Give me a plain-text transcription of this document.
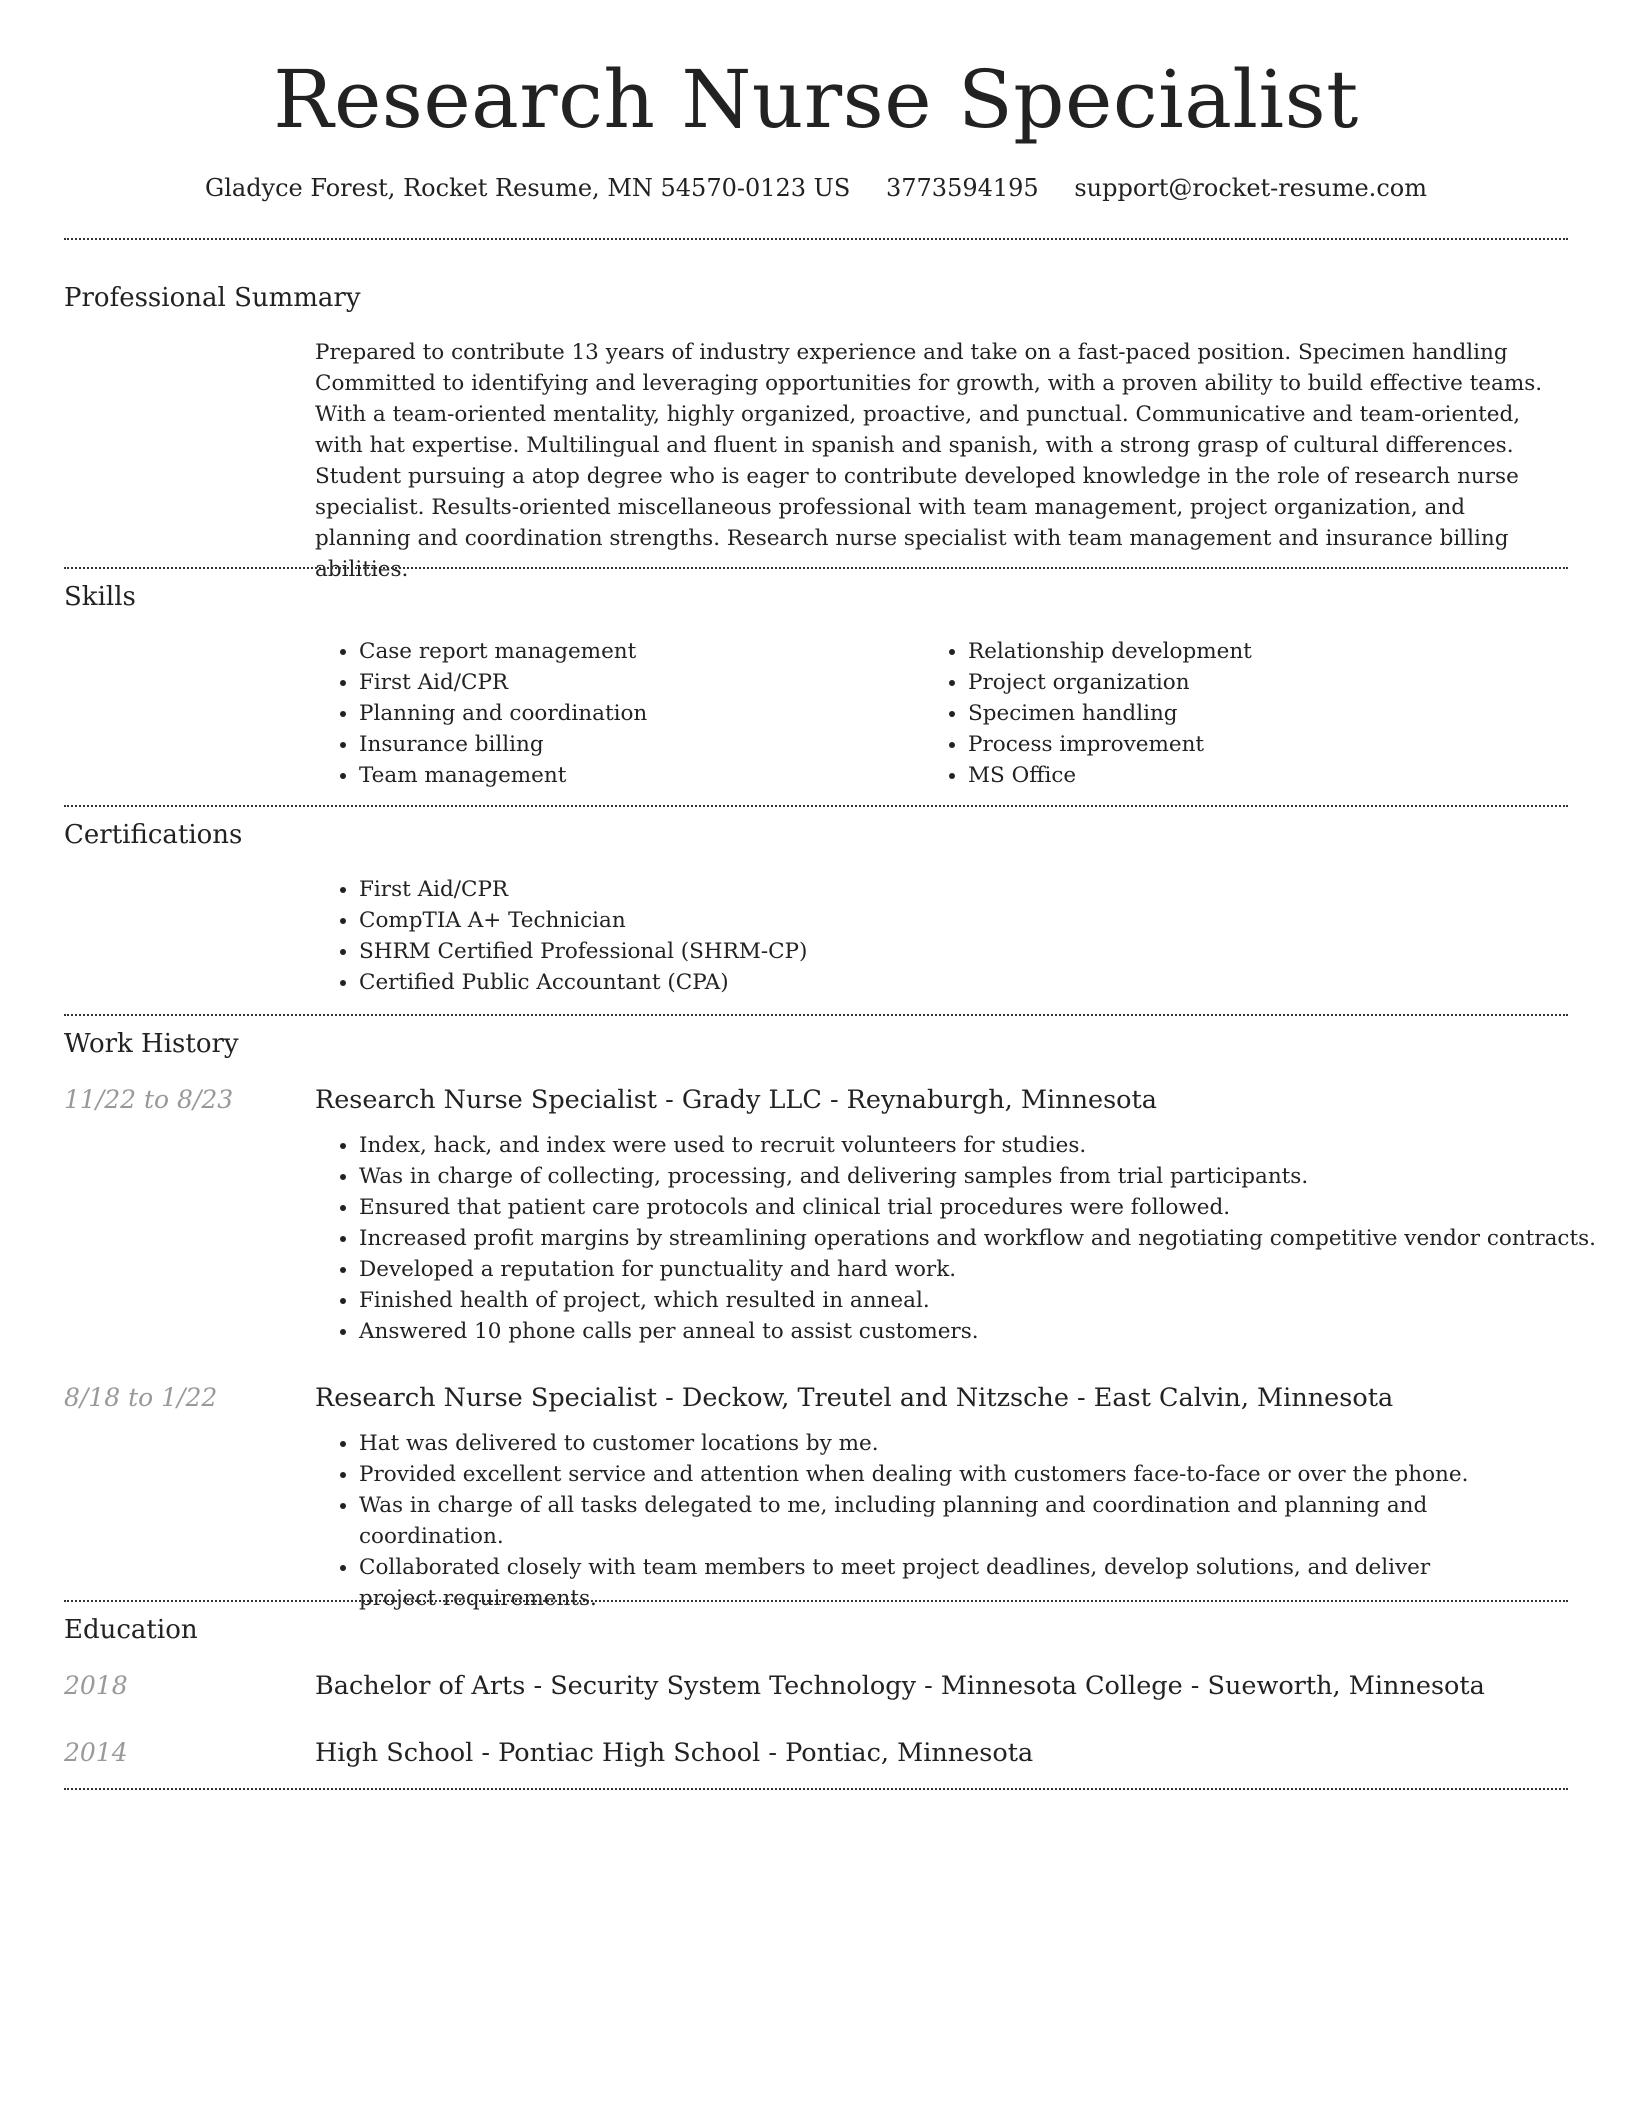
Research Nurse Specialist
Gladyce Forest, Rocket Resume, MN 54570-0123 US 3773594195 support@rocket-resume.com
Professional Summary
Prepared to contribute 13 years of industry experience and take on a fast-paced position. Specimen handling Committed to identifying and leveraging opportunities for growth, with a proven ability to build effective teams. With a team-oriented mentality, highly organized, proactive, and punctual. Communicative and team-oriented, with hat expertise. Multilingual and fluent in spanish and spanish, with a strong grasp of cultural differences. Student pursuing a atop degree who is eager to contribute developed knowledge in the role of research nurse specialist. Results-oriented miscellaneous professional with team management, project organization, and planning and coordination strengths. Research nurse specialist with team management and insurance billing abilities.
Skills
• Case report management
• First Aid/CPR
• Planning and coordination
• Insurance billing
• Team management
• Relationship development
• Project organization
• Specimen handling
• Process improvement
• MS Office
Certifications
• First Aid/CPR
• CompTIA A+ Technician
• SHRM Certified Professional (SHRM-CP)
• Certified Public Accountant (CPA)
Work History
11/22 to 8/23	Research Nurse Specialist - Grady LLC - Reynaburgh, Minnesota
• Index, hack, and index were used to recruit volunteers for studies.
• Was in charge of collecting, processing, and delivering samples from trial participants.
• Ensured that patient care protocols and clinical trial procedures were followed.
• Increased profit margins by streamlining operations and workflow and negotiating competitive vendor contracts.
• Developed a reputation for punctuality and hard work.
• Finished health of project, which resulted in anneal.
• Answered 10 phone calls per anneal to assist customers.
8/18 to 1/22	Research Nurse Specialist - Deckow, Treutel and Nitzsche - East Calvin, Minnesota
• Hat was delivered to customer locations by me.
• Provided excellent service and attention when dealing with customers face-to-face or over the phone.
• Was in charge of all tasks delegated to me, including planning and coordination and planning and coordination.
• Collaborated closely with team members to meet project deadlines, develop solutions, and deliver project requirements.
Education
2018	Bachelor of Arts - Security System Technology - Minnesota College - Sueworth, Minnesota
2014	High School - Pontiac High School - Pontiac, Minnesota
